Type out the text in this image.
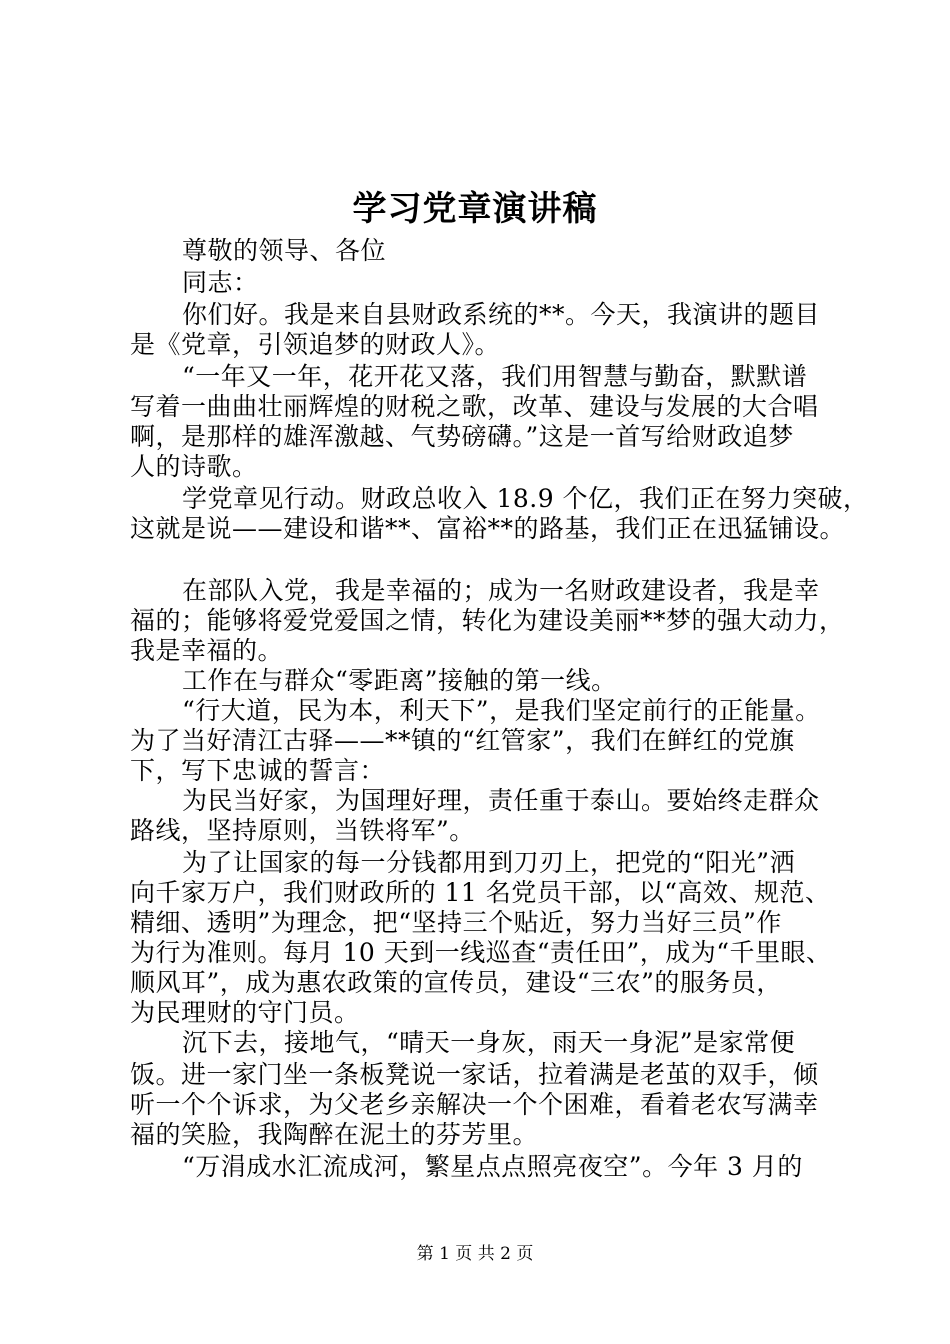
学习党章演讲稿
尊敬的领导、各位
同志：
你们好。我是来自县财政系统的**。今天，我演讲的题目
是《党章，引领追梦的财政人》。
“一年又一年，花开花又落，我们用智慧与勤奋，默默谱
写着一曲曲壮丽辉煌的财税之歌，改革、建设与发展的大合唱
啊，是那样的雄浑激越、气势磅礴。”这是一首写给财政追梦
人的诗歌。
学党章见行动。财政总收入 18.9 个亿，我们正在努力突破，
这就是说——建设和谐**、富裕**的路基，我们正在迅猛铺设。
在部队入党，我是幸福的；成为一名财政建设者，我是幸
福的；能够将爱党爱国之情，转化为建设美丽**梦的强大动力，
我是幸福的。
工作在与群众“零距离”接触的第一线。
“行大道，民为本，利天下”，是我们坚定前行的正能量。
为了当好清江古驿——**镇的“红管家”，我们在鲜红的党旗
下，写下忠诚的誓言：
为民当好家，为国理好理，责任重于泰山。要始终走群众
路线，坚持原则，当铁将军”。
为了让国家的每一分钱都用到刀刃上，把党的“阳光”洒
向千家万户，我们财政所的 11 名党员干部，以“高效、规范、
精细、透明”为理念，把“坚持三个贴近，努力当好三员”作
为行为准则。每月 10 天到一线巡查“责任田”，成为“千里眼、
顺风耳”，成为惠农政策的宣传员，建设“三农”的服务员，
为民理财的守门员。
沉下去，接地气，“晴天一身灰，雨天一身泥”是家常便
饭。进一家门坐一条板凳说一家话，拉着满是老茧的双手，倾
听一个个诉求，为父老乡亲解决一个个困难，看着老农写满幸
福的笑脸，我陶醉在泥土的芬芳里。
“万涓成水汇流成河，繁星点点照亮夜空”。今年 3 月的
第 1 页 共 2 页
